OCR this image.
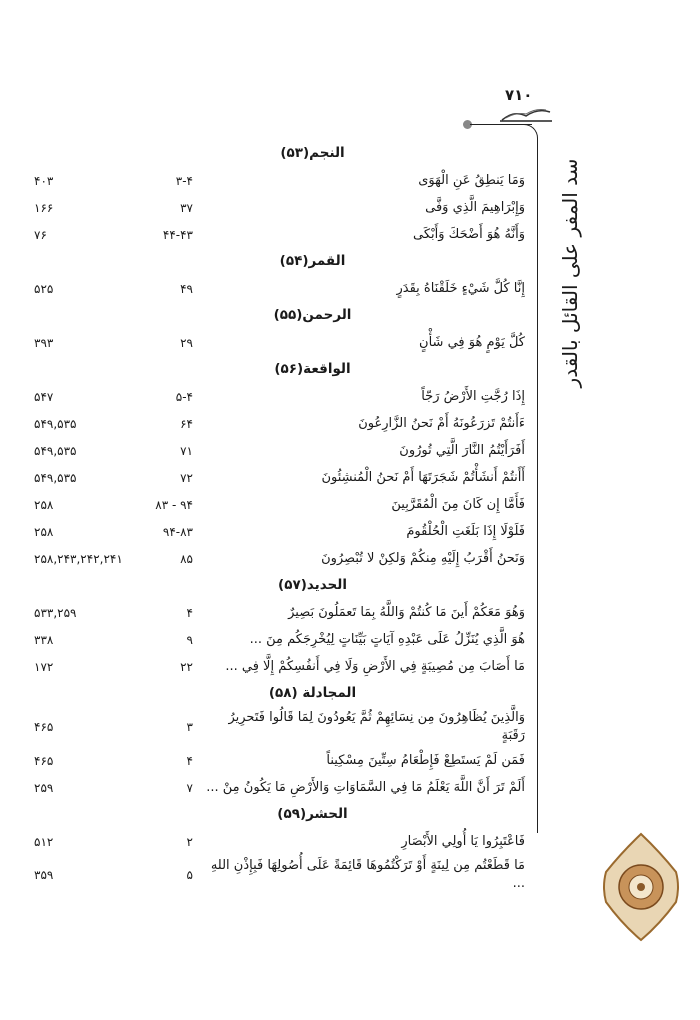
۷۱۰
سد المفر على القائل بالقدر
النجم(۵۳)
وَمَا يَنطِقُ عَنِ الْهَوَى
۳-۴
۴۰۳
وَإِبْرَاهِيمَ الَّذِي وَفَّى
۳۷
۱۶۶
وَأَنَّهُ هُوَ أَضْحَكَ وَأَبْكَى
۴۴-۴۳
۷۶
القمر(۵۴)
إِنَّا كُلَّ شَيْءٍ خَلَقْنَاهُ بِقَدَرٍ
۴۹
۵۲۵
الرحمن(۵۵)
كُلَّ يَوْمٍ هُوَ فِي شَأْنٍ
۲۹
۳۹۳
الواقعة(۵۶)
إِذَا رُجَّتِ الأَرْضُ رَجّاً
۵-۴
۵۴۷
ءَأَنتُمْ تَزرَعُونَهُ أَمْ نَحنُ الزَّارِعُونَ
۶۴
۵۴۹,۵۳۵
أَفَرَأَيْتُمُ النَّارَ الَّتِي تُورُونَ
۷۱
۵۴۹,۵۳۵
أَأَنتُمْ أَنشَأْتُمْ شَجَرَتَهَا أَمْ نَحنُ الْمُنشِئُونَ
۷۲
۵۴۹,۵۳۵
فَأَمَّا إِن كَانَ مِنَ الْمُقَرَّبِينَ
۹۴ - ۸۳
۲۵۸
فَلَوْلَا إِذَا بَلَغَتِ الْحُلْقُومَ
۹۴-۸۳
۲۵۸
وَنَحنُ أَقْرَبُ إِلَيْهِ مِنكُمْ وَلكِنْ لا تُبْصِرُونَ
۸۵
۲۵۸,۲۴۳,۲۴۲,۲۴۱
الحديد(۵۷)
وَهُوَ مَعَكُمْ أَينَ مَا كُنتُمْ وَاللَّهُ بِمَا تَعمَلُونَ بَصِيرٌ
۴
۵۳۳,۲۵۹
هُوَ الَّذِي يُنَزِّلُ عَلَى عَبْدِهِ آيَاتٍ بَيِّنَاتٍ لِيُخْرِجَكُم مِنَ ...
۹
۳۳۸
مَا أَصَابَ مِن مُصِيبَةٍ فِي الأَرْضِ وَلَا فِي أَنفُسِكُمْ إِلَّا فِي ...
۲۲
۱۷۲
المجادلة (۵۸)
وَالَّذِينَ يُظَاهِرُونَ مِن نِسَائِهِمْ ثُمَّ يَعُودُونَ لِمَا قَالُوا فَتَحرِيرُ رَقَبَةٍ
۳
۴۶۵
فَمَن لَمْ يَستَطِعْ فَإِطْعَامُ سِتِّينَ مِسْكِيناً
۴
۴۶۵
أَلَمْ تَرَ أَنَّ اللَّهَ يَعْلَمُ مَا فِي السَّمَاوَاتِ وَالأَرْضِ مَا يَكُونُ مِنْ ...
۷
۲۵۹
الحشر(۵۹)
فَاعْتَبِرُوا يَا أُولِي الأَبْصَارِ
۲
۵۱۲
مَا قَطَعْتُم مِن لِينَةٍ أَوْ تَرَكْتُمُوهَا قَائِمَةً عَلَى أُصُولِهَا فَبِإِذْنِ اللهِ ...
۵
۳۵۹
